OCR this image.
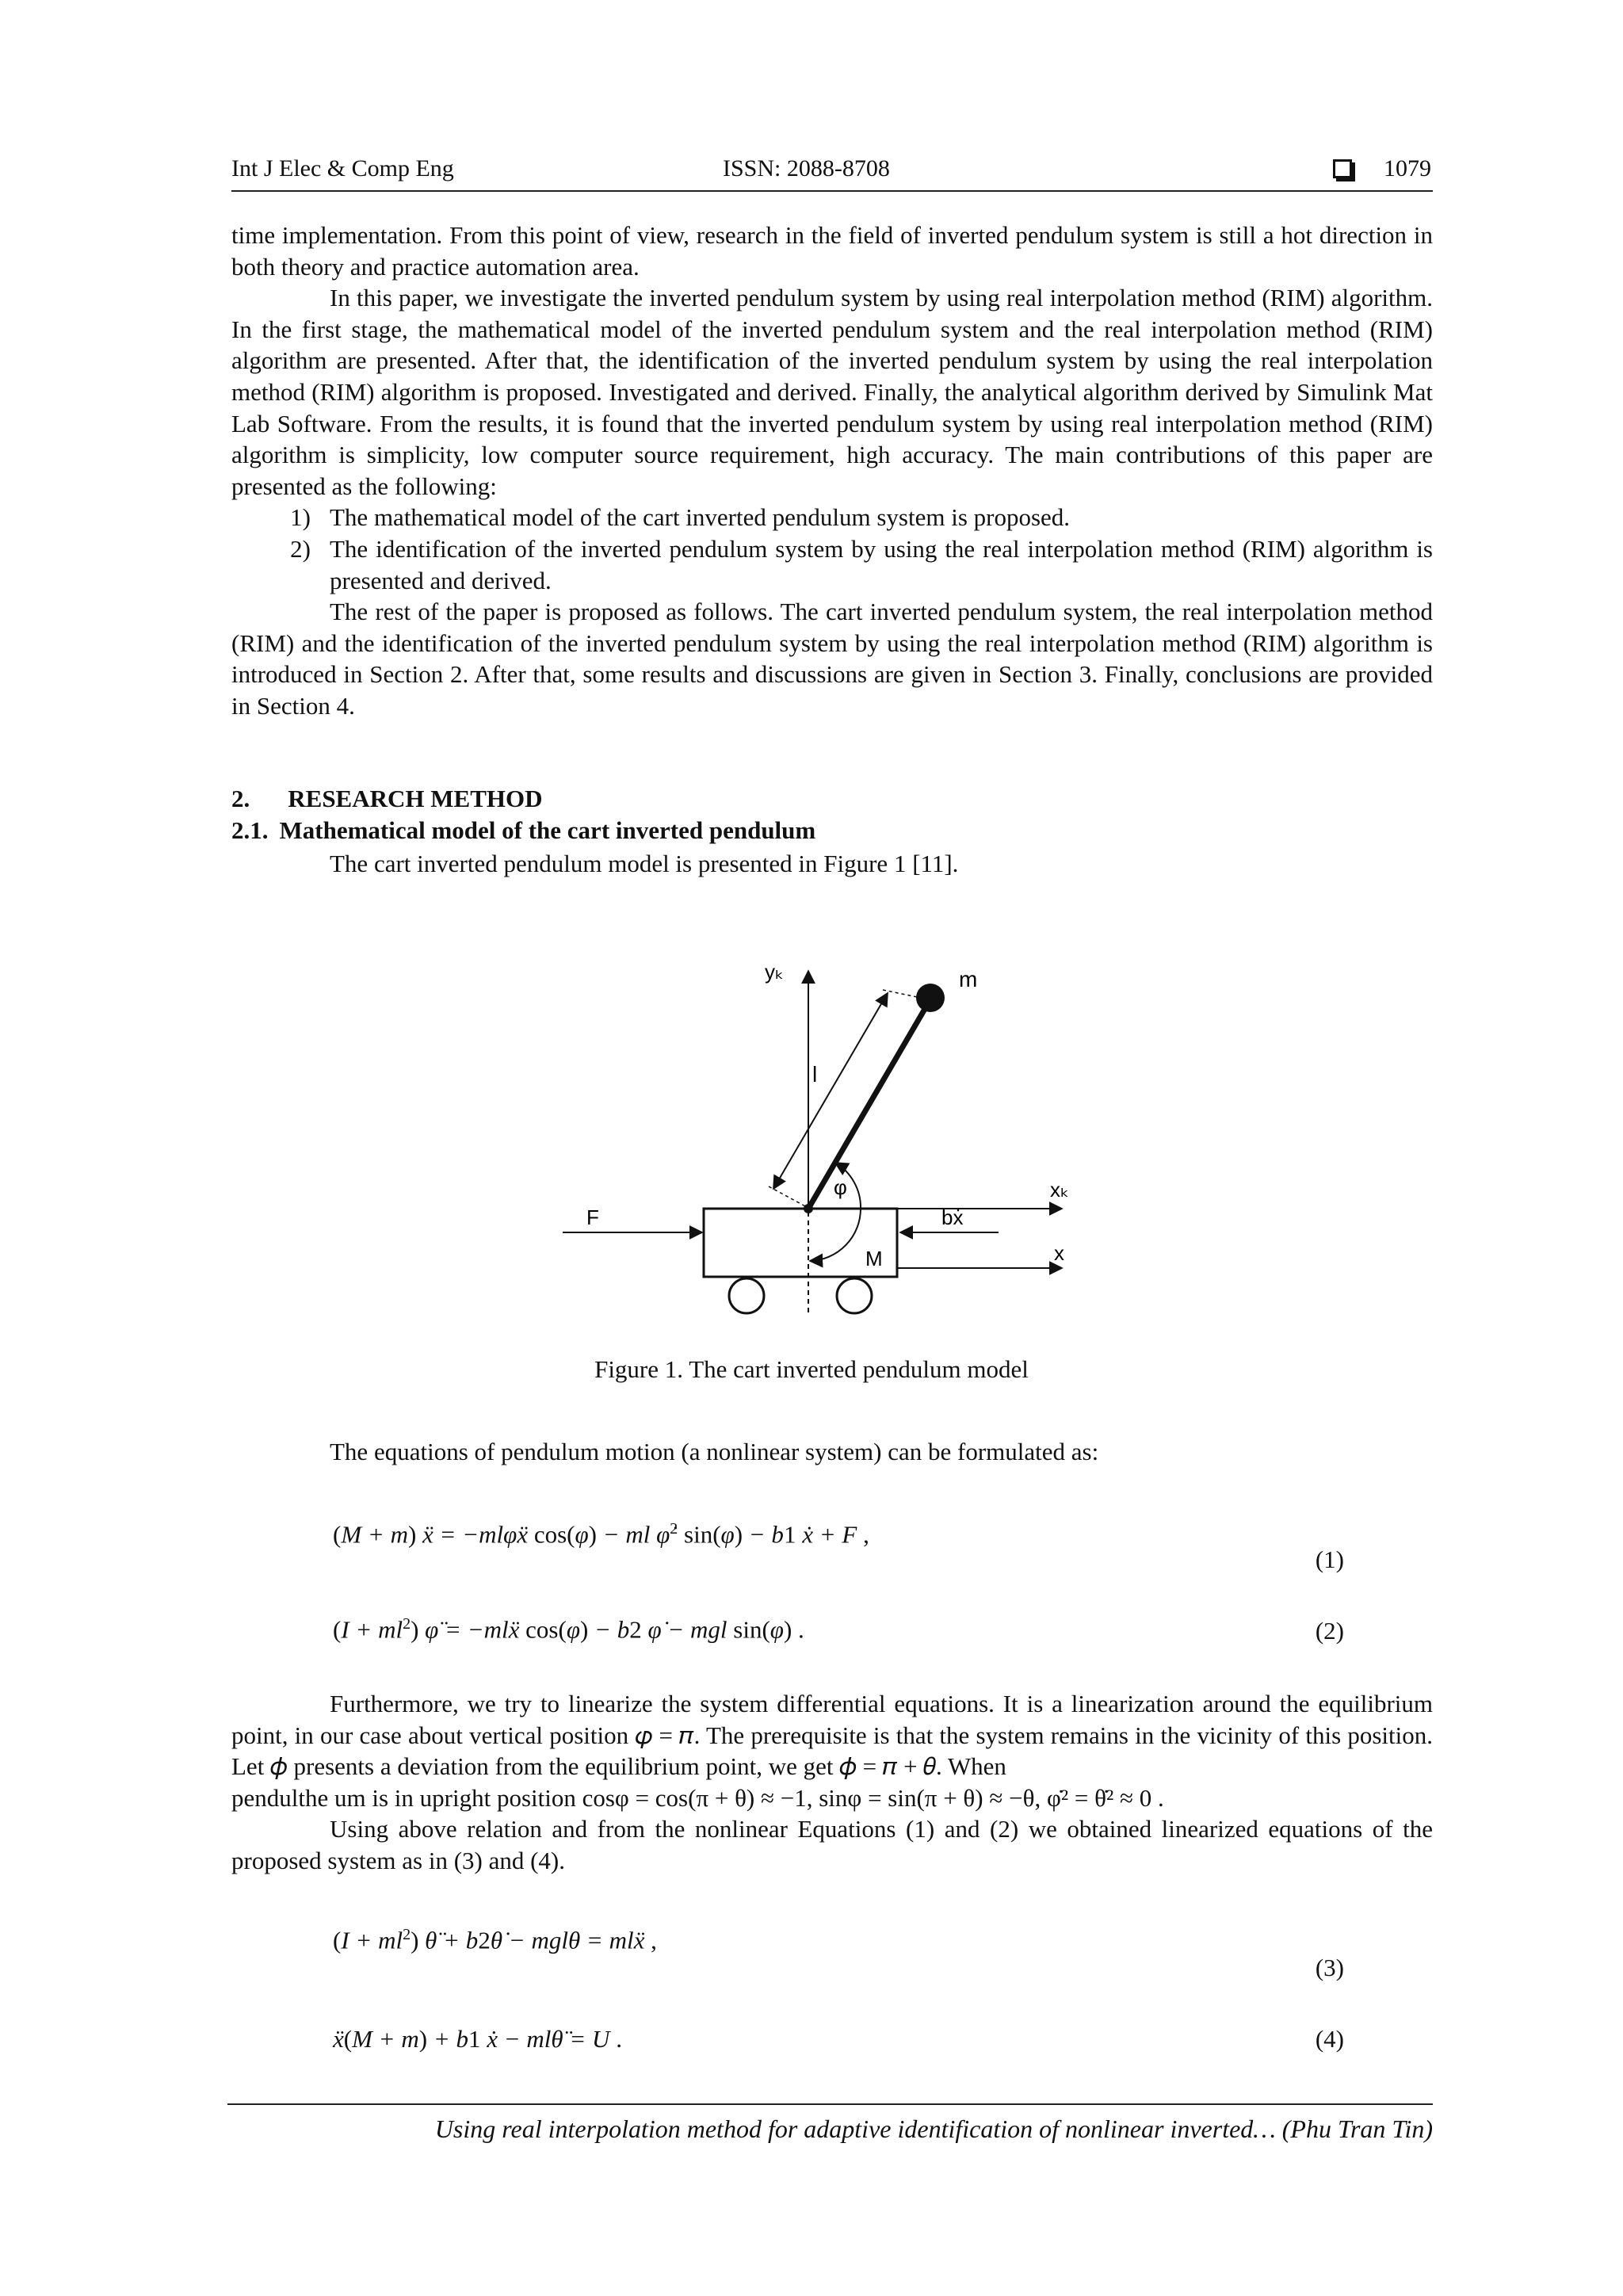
Int J Elec & Comp Eng	ISSN: 2088-8708	1079

time implementation. From this point of view, research in the field of inverted pendulum system is still a hot direction in both theory and practice automation area.

In this paper, we investigate the inverted pendulum system by using real interpolation method (RIM) algorithm. In the first stage, the mathematical model of the inverted pendulum system and the real interpolation method (RIM) algorithm are presented. After that, the identification of the inverted pendulum system by using the real interpolation method (RIM) algorithm is proposed. Investigated and derived. Finally, the analytical algorithm derived by Simulink Mat Lab Software. From the results, it is found that the inverted pendulum system by using real interpolation method (RIM) algorithm is simplicity, low computer source requirement, high accuracy. The main contributions of this paper are presented as the following:

1) The mathematical model of the cart inverted pendulum system is proposed.
2) The identification of the inverted pendulum system by using the real interpolation method (RIM) algorithm is presented and derived.

The rest of the paper is proposed as follows. The cart inverted pendulum system, the real interpolation method (RIM) and the identification of the inverted pendulum system by using the real interpolation method (RIM) algorithm is introduced in Section 2. After that, some results and discussions are given in Section 3. Finally, conclusions are provided in Section 4.

2. RESEARCH METHOD
2.1. Mathematical model of the cart inverted pendulum

The cart inverted pendulum model is presented in Figure 1 [11].

yₖ
xₖ
M	x
F	bẋ
m
l
φ
Figure 1. The cart inverted pendulum model

The equations of pendulum motion (a nonlinear system) can be formulated as:

(M + m) ẍ = −mlφẍ cos(φ) − ml φ̇$^2$ sin(φ) − b1 ẋ + F ,
(1)
$(I + ml^2)$ φ̈ = −mlẍ cos(φ) − b2 φ̇ − mgl sin(φ) .	(2)

Furthermore, we try to linearize the system differential equations. It is a linearization around the equilibrium point, in our case about vertical position 𝜑 = 𝜋. The prerequisite is that the system remains in the vicinity of this position. Let 𝜙 presents a deviation from the equilibrium point, we get 𝜙 = 𝜋 + 𝜃. When

pendulthe um is in upright position cosφ = cos(π + θ) ≈ −1, sinφ = sin(π + θ) ≈ −θ, φ̇² = θ̇² ≈ 0 .

Using above relation and from the nonlinear Equations (1) and (2) we obtained linearized equations of the proposed system as in (3) and (4).

$(I + ml^2)$ θ̈ + b2θ̇ − mglθ = mlẍ ,
(3)
ẍ(M + m) + b1 ẋ − mlθ̈ = U .	(4)
Using real interpolation method for adaptive identification of nonlinear inverted… (Phu Tran Tin)
